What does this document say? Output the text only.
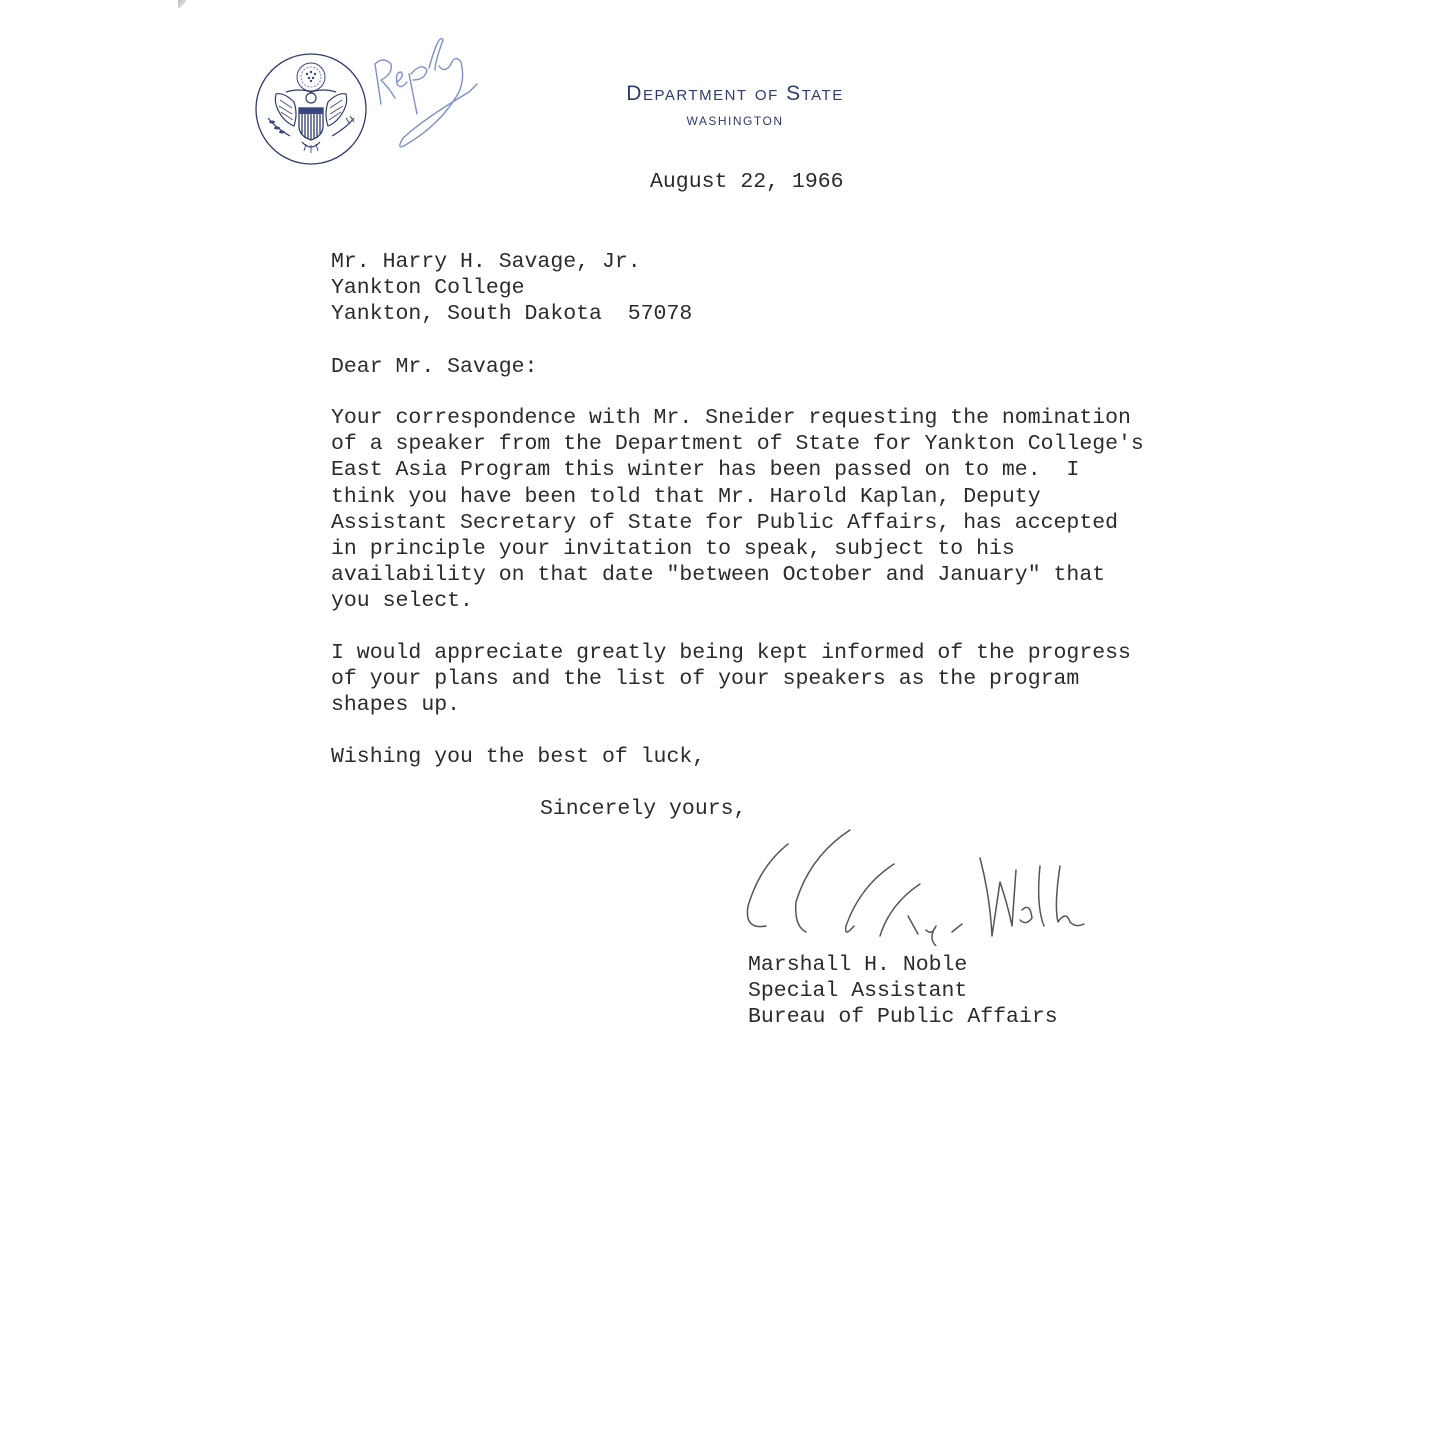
Department of State
WASHINGTON

August 22, 1966

Mr. Harry H. Savage, Jr.
Yankton College
Yankton, South Dakota  57078

Dear Mr. Savage:

Your correspondence with Mr. Sneider requesting the nomination
of a speaker from the Department of State for Yankton College's
East Asia Program this winter has been passed on to me.  I
think you have been told that Mr. Harold Kaplan, Deputy
Assistant Secretary of State for Public Affairs, has accepted
in principle your invitation to speak, subject to his
availability on that date "between October and January" that
you select.
I would appreciate greatly being kept informed of the progress
of your plans and the list of your speakers as the program
shapes up.

Wishing you the best of luck,

Sincerely yours,

Marshall H. Noble
Special Assistant
Bureau of Public Affairs
